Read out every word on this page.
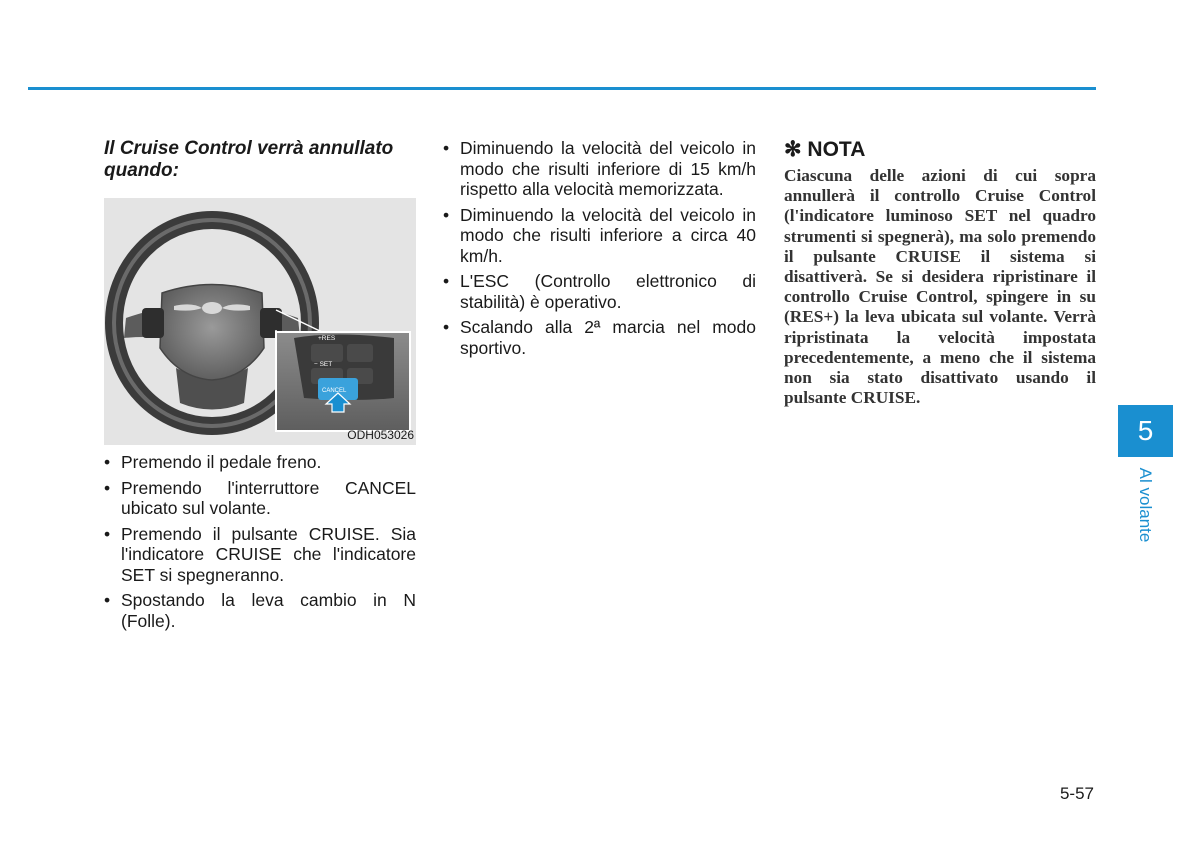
Il Cruise Control verrà annullato quando:

+RES
− SET
CANCEL
ODH053026
• Premendo il pedale freno.
• Premendo l'interruttore CANCEL ubicato sul volante.
• Premendo il pulsante CRUISE. Sia l'indicatore CRUISE che l'indicatore SET si spegneranno.
• Spostando la leva cambio in N (Folle).
• Diminuendo la velocità del veicolo in modo che risulti inferiore di 15 km/h rispetto alla velocità memorizzata.
• Diminuendo la velocità del veicolo in modo che risulti inferiore a circa 40 km/h.
• L'ESC (Controllo elettronico di stabilità) è operativo.
• Scalando alla 2ª marcia nel modo sportivo.

✻ NOTA

Ciascuna delle azioni di cui sopra annullerà il controllo Cruise Control (l'indicatore luminoso SET nel quadro strumenti si spegnerà), ma solo premendo il pulsante CRUISE il sistema si disattiverà. Se si desidera ripristinare il controllo Cruise Control, spingere in su (RES+) la leva ubicata sul volante. Verrà ripristinata la velocità impostata precedentemente, a meno che il sistema non sia stato disattivato usando il pulsante CRUISE.

5
Al volante
5-57
